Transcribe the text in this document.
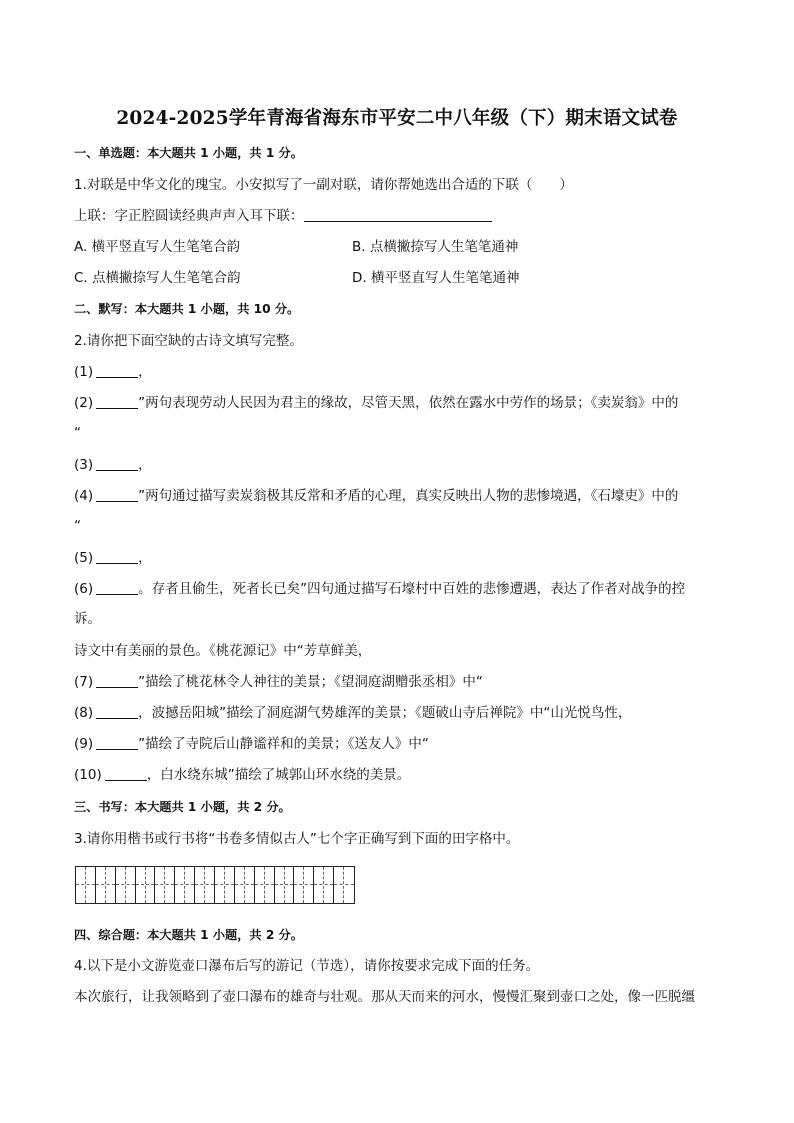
2024-2025学年青海省海东市平安二中八年级（下）期末语文试卷
一、单选题：本大题共 1 小题，共 1 分。
1.对联是中华文化的瑰宝。小安拟写了一副对联，请你帮她选出合适的下联（　　）
上联：字正腔圆读经典声声入耳下联：
A. 横平竖直写人生笔笔合韵	B. 点横撇捺写人生笔笔通神
C. 点横撇捺写人生笔笔合韵	D. 横平竖直写人生笔笔通神
二、默写：本大题共 1 小题，共 10 分。
2.请你把下面空缺的古诗文填写完整。
(1)	，
(2)	”两句表现劳动人民因为君主的缘故，尽管天黑，依然在露水中劳作的场景；《卖炭翁》中的
“
(3)	，
(4)	”两句通过描写卖炭翁极其反常和矛盾的心理，真实反映出人物的悲惨境遇，《石壕吏》中的
“
(5)	，
(6)	。存者且偷生，死者长已矣”四句通过描写石壕村中百姓的悲惨遭遇，表达了作者对战争的控
诉。
诗文中有美丽的景色。《桃花源记》中“芳草鲜美，
(7)	”描绘了桃花林令人神往的美景；《望洞庭湖赠张丞相》中“
(8)	，波撼岳阳城”描绘了洞庭湖气势雄浑的美景；《题破山寺后禅院》中“山光悦鸟性，
(9)	”描绘了寺院后山静谧祥和的美景；《送友人》中“
(10)	，白水绕东城”描绘了城郭山环水绕的美景。
三、书写：本大题共 1 小题，共 2 分。
3.请你用楷书或行书将“书卷多情似古人”七个字正确写到下面的田字格中。
四、综合题：本大题共 1 小题，共 2 分。
4.以下是小文游览壶口瀑布后写的游记（节选），请你按要求完成下面的任务。
本次旅行，让我领略到了壶口瀑布的雄奇与壮观。那从天而来的河水，慢慢汇聚到壶口之处，像一匹脱缰
